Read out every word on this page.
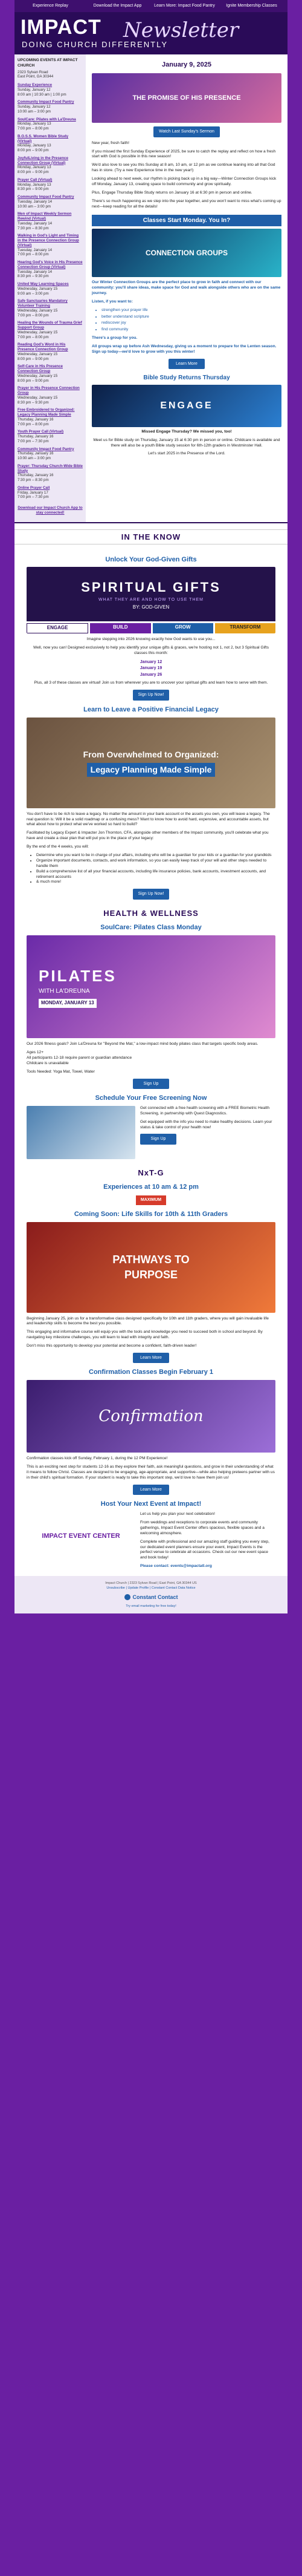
Experience Replay	Download the Impact App	Learn More: Impact Food Pantry	Ignite Membership Classes
IMPACT Newsletter
DOING CHURCH DIFFERENTLY
UPCOMING EVENTS AT IMPACT CHURCH
2323 Sylvan Road
East Point, GA 30344
Sunday Experience
Sunday, January 12
8:00 am | 10:30 am | 1:00 pm
Community Impact Food Pantry
Sunday, January 12
10:00 am – 3:00 pm
SoulCare: Pilates with La'Dreuna
Monday, January 13
7:00 pm – 8:00 pm
B.O.S.S. Women Bible Study (Virtual)
Monday, January 13
8:00 pm – 9:00 pm
JoyfulLiving in the Presence Connection Group (Virtual)
Monday, January 13
8:00 pm – 9:00 pm
Prayer Call (Virtual)
Monday, January 13
8:30 pm – 9:00 pm
Community Impact Food Pantry
Tuesday, January 14
10:00 am – 3:00 pm
Men of Impact Weekly Sermon Rewind (Virtual)
Tuesday, January 14
7:30 pm – 8:30 pm
Walking in God's Light and Timing in the Presence Connection Group (Virtual)
Tuesday, January 14
7:00 pm – 8:00 pm
Hearing God's Voice in His Presence Connection Group (Virtual)
Tuesday, January 14
8:30 pm – 9:30 pm
United Way Learning Spaces
Wednesday, January 15
9:00 am – 3:00 pm
Safe Sanctuaries Mandatory Volunteer Training
Wednesday, January 15
7:00 pm – 8:00 pm
Healing the Wounds of Trauma Grief Support Group
Wednesday, January 15
7:00 pm – 8:00 pm
Reading God's Word in His Presence Connection Group
Wednesday, January 15
8:00 pm – 9:00 pm
Self-Care in His Presence Connection Group
Wednesday, January 15
8:00 pm – 9:00 pm
Prayer in His Presence Connection Group
Wednesday, January 15
8:30 pm – 9:30 pm
Free Embroidered to Organized: Legacy Planning Made Simple
Thursday, January 16
7:00 pm – 8:00 pm
Youth Prayer Call (Virtual)
Thursday, January 16
7:00 pm – 7:30 pm
Community Impact Food Pantry
Thursday, January 16
10:00 am – 3:00 pm
Prayer: Thursday Church-Wide Bible Study
Thursday, January 16
7:30 pm – 8:30 pm
Online Prayer Call
Friday, January 17
7:00 pm – 7:30 pm
Download our Impact Church App to stay connected!
January 9, 2025
THE PROMISE OF HIS PRESENCE
Watch Last Sunday's Sermon

New year, fresh faith!

If you missed the first Sunday Experience of 2025, be sure to catch the replay and reflect on how a fresh start with God is possible in this new season!

We'd also love to see you this Sunday at 8 am, 10 am, or 12 pm as we continue leaning into all that God has in store. (Try a new Experience time in the new year!)

Looking ahead to next week, our rhythm is picking back up in a big way—Winter Connection Groups kick off Monday, January 13, creating space to build community and grow spiritually.

Plus, Engage Thursday Bible Study returns on January 16 at 6:30 pm in person and online.

There's so much happening as we step into the year together, and you won't want to miss what's coming up next—keep reading for all the details!

Classes Start Monday. You In?
CONNECTION GROUPS

Our Winter Connection Groups are the perfect place to grow in faith and connect with our community: you'll share ideas, make space for God and walk alongside others who are on the same journey.

Listen, if you want to:

• strengthen your prayer life
• better understand scripture
• rediscover joy
• find community

There's a group for you.

All groups wrap up before Ash Wednesday, giving us a moment to prepare for the Lenten season. Sign up today—we'd love to grow with you this winter!

Learn More
Bible Study Returns Thursday
ENGAGE

Missed Engage Thursday? We missed you, too!

Meet us for Bible study on Thursday, January 15 at 6:30 pm in person or online. Childcare is available and there will also be a youth Bible study session for 6th-12th graders in Westminster Hall.

Let's start 2025 in the Presence of the Lord.

IN THE KNOW
Unlock Your God-Given Gifts
SPIRITUAL GIFTS
WHAT THEY ARE AND HOW TO USE THEM
BY: GOD-GIVEN
ENGAGE	BUILD	GROW	TRANSFORM

Imagine stepping into 2026 knowing exactly how God wants to use you...

Well, now you can! Designed exclusively to help you identify your unique gifts & graces, we're hosting not 1, not 2, but 3 Spiritual Gifts classes this month:

January 12
January 19
January 26

Plus, all 3 of these classes are virtual! Join us from wherever you are to uncover your spiritual gifts and learn how to serve with them.

Sign Up Now!
Learn to Leave a Positive Financial Legacy
From Overwhelmed to Organized:
Legacy Planning Made Simple

You don't have to be rich to leave a legacy. No matter the amount in your bank account or the assets you own, you will leave a legacy. The real question is: Will it be a solid roadmap or a confusing mess? Want to know how to avoid hard, expensive, and accountable assets, but what about how to protect what we've worked so hard to build?

Facilitated by Legacy Expert & Impacter Jon Thornton, CFA, alongside other members of the Impact community, you'll celebrate what you have and create a clear plan that will put you in the place of your legacy:

By the end of the 4 weeks, you will:

• Determine who you want to be in charge of your affairs, including who will be a guardian for your kids or a guardian for your grandkids
• Organize important documents, contacts, and work information, so you can easily keep track of your will and other steps needed to handle them
• Build a comprehensive list of all your financial accounts, including life insurance policies, bank accounts, investment accounts, and retirement accounts
• & much more!
Sign Up Now!
HEALTH & WELLNESS
SoulCare: Pilates Class Monday
PILATES
WITH LA'DREUNA
MONDAY, JANUARY 13

Our 2026 fitness goals? Join La'Dreuna for "Beyond the Mat," a low-impact mind body pilates class that targets specific body areas.

Ages 12+
All participants 12-18 require parent or guardian attendance
Childcare is unavailable

Tools Needed: Yoga Mat, Towel, Water

Sign Up
Schedule Your Free Screening Now

Get connected with a free health screening with a FREE Biometric Health Screening, in partnership with Quest Diagnostics.

Get equipped with the info you need to make healthy decisions. Learn your status & take control of your health now!

Sign Up
NxT-G
Experiences at 10 am & 12 pm
MAXIMUM
Coming Soon: Life Skills for 10th & 11th Graders
PATHWAYS TO PURPOSE

Beginning January 25, join us for a transformative class designed specifically for 10th and 11th graders, where you will gain invaluable life and leadership skills to become the best you possible.

This engaging and informative course will equip you with the tools and knowledge you need to succeed both in school and beyond. By navigating key milestone challenges, you will learn to lead with integrity and faith.

Don't miss this opportunity to develop your potential and become a confident, faith-driven leader!

Learn More
Confirmation Classes Begin February 1
Confirmation

Confirmation classes kick off Sunday, February 1, during the 12 PM Experience!

This is an exciting next step for students 12-16 as they explore their faith, ask meaningful questions, and grow in their understanding of what it means to follow Christ. Classes are designed to be engaging, age-appropriate, and supportive—while also helping preteens partner with us in their child's spiritual formation. If your student is ready to take this important step, we'd love to have them join us!

Learn More
Host Your Next Event at Impact!
IMPACT EVENT CENTER

Let us help you plan your next celebration!

From weddings and receptions to corporate events and community gatherings, Impact Event Center offers spacious, flexible spaces and a welcoming atmosphere.

Complete with professional and our amazing staff guiding you every step, our dedicated event planners ensure your event, Impact Events is the perfect venue to celebrate all occasions. Check out our new event space and book today!

Please contact: events@impactatl.org

Impact Church | 2323 Sylvan Road | East Point, GA 30344 US
Unsubscribe | Update Profile | Constant Contact Data Notice
Constant Contact
Try email marketing for free today!
